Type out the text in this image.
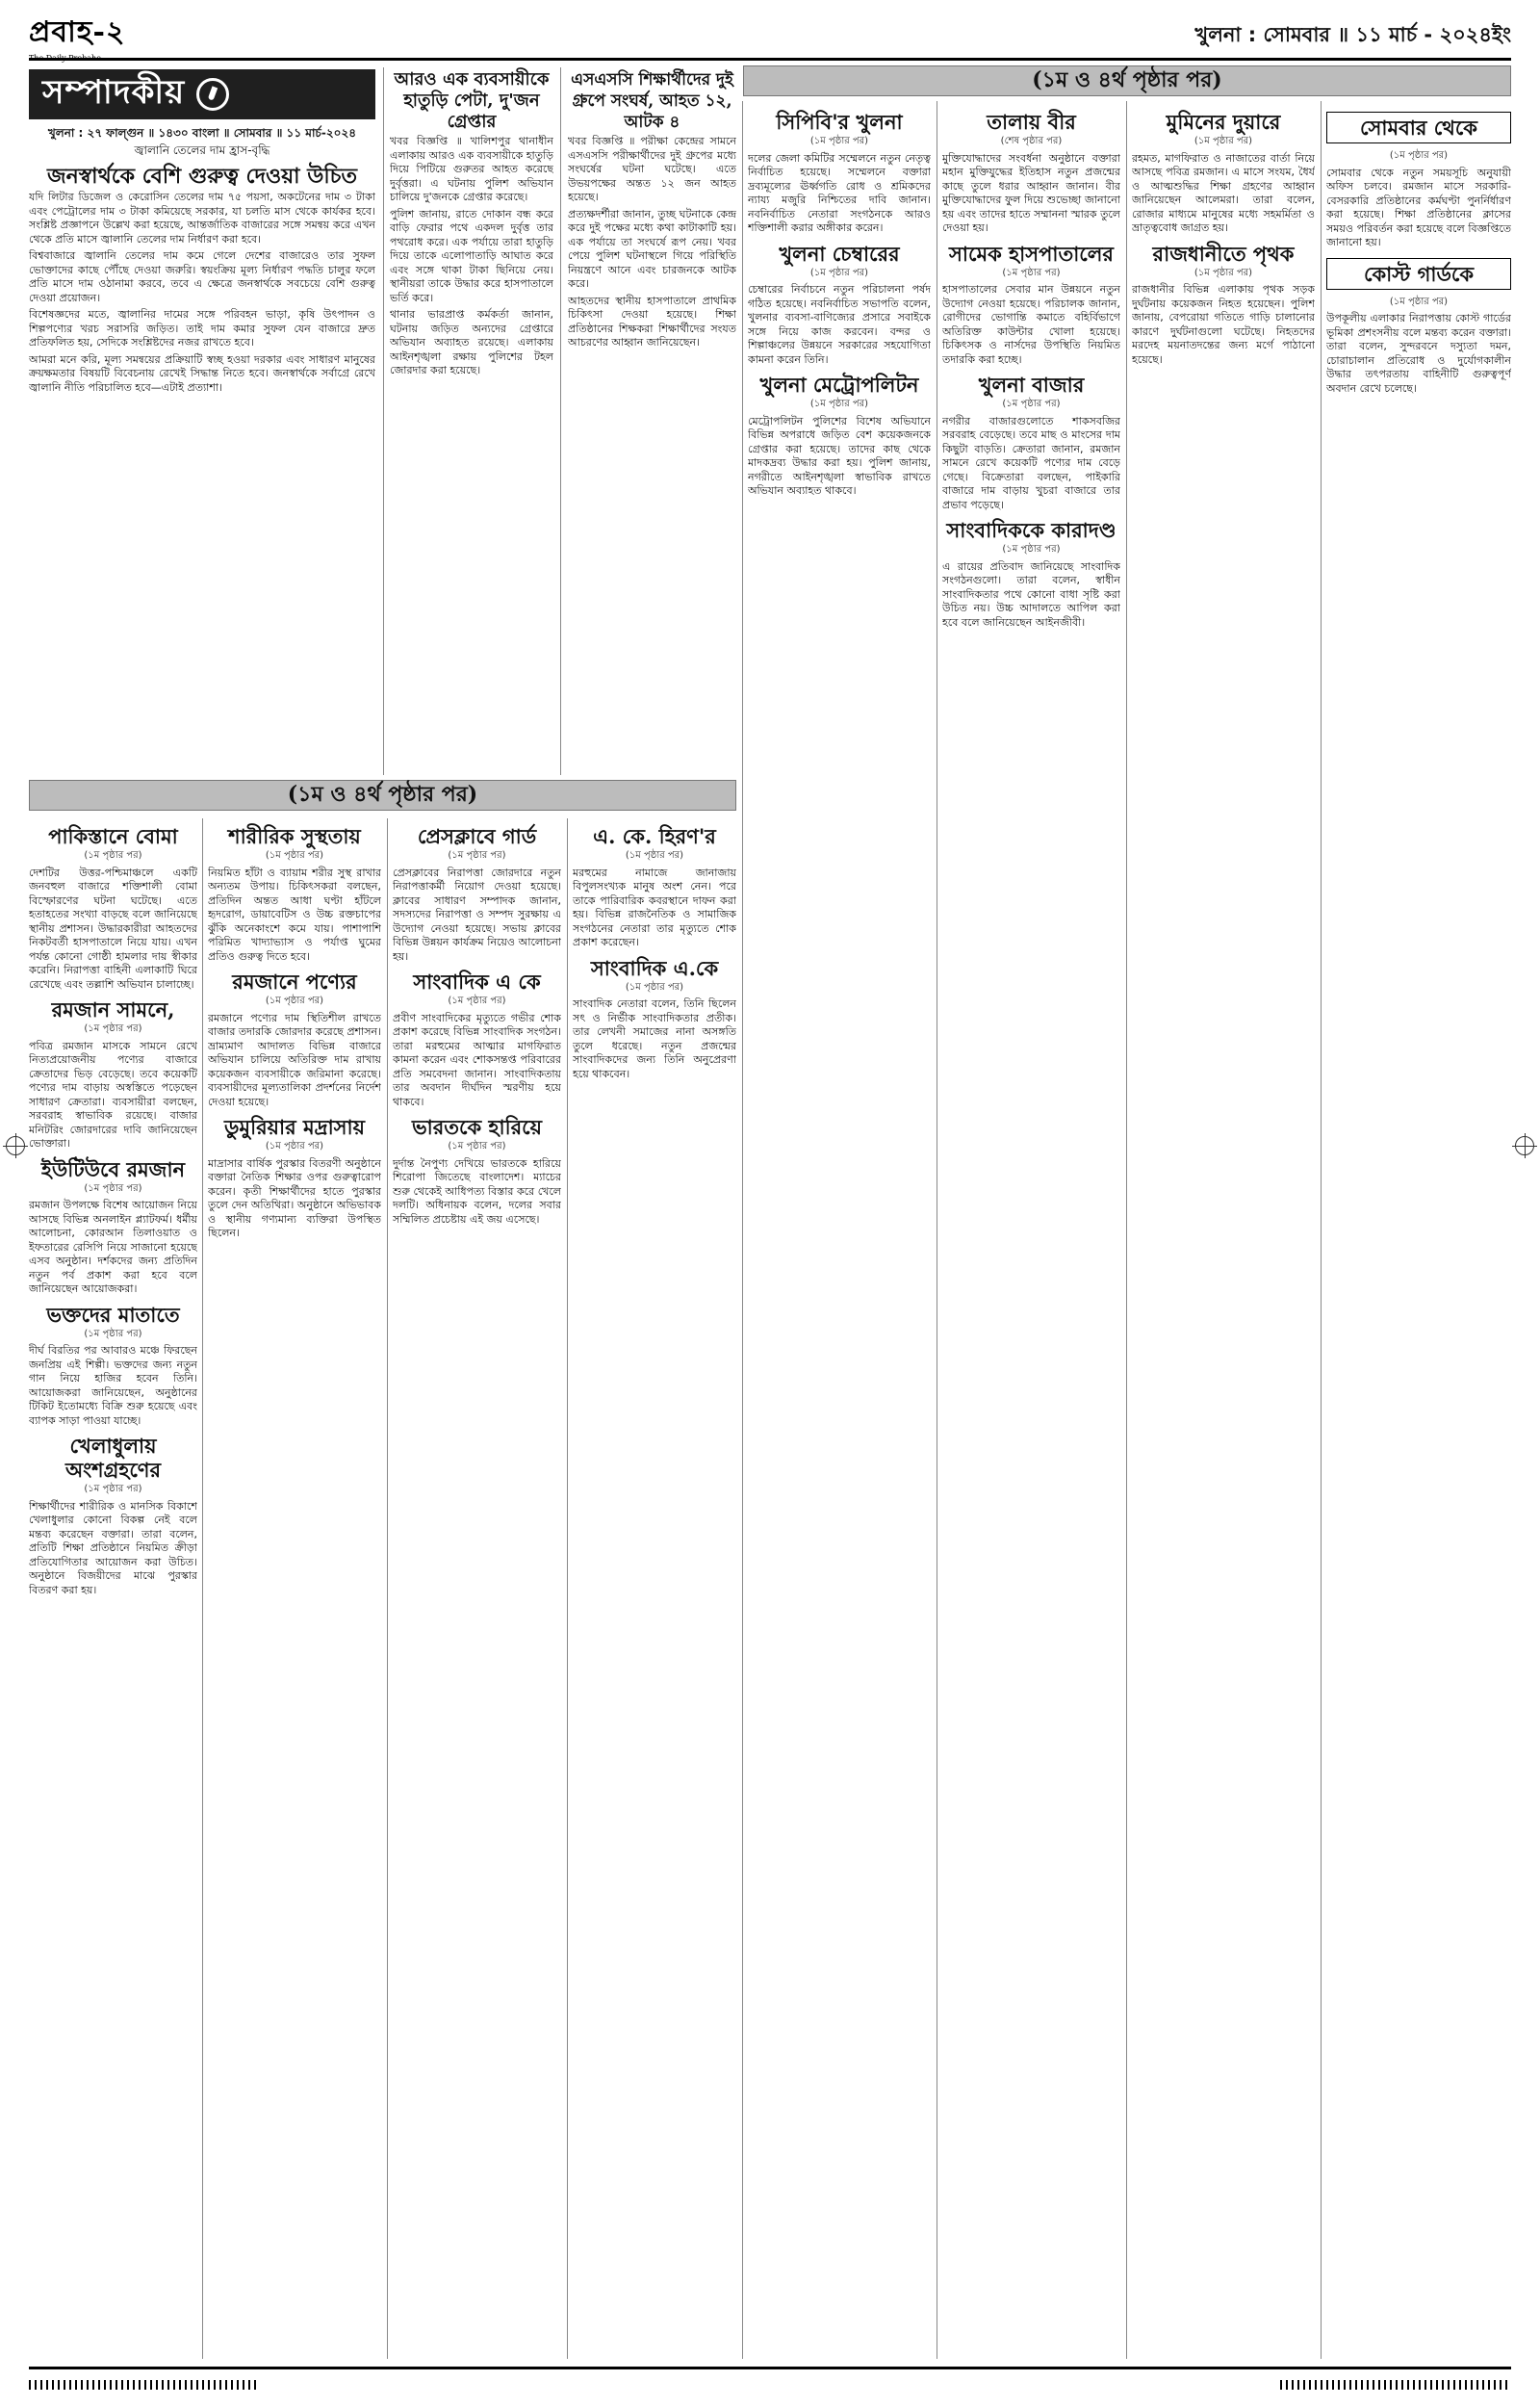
প্রবাহ-২	খুলনা : সোমবার ॥ ১১ মার্চ - ২০২৪ইং
সম্পাদকীয়
খুলনা : ২৭ ফাল্গুন ॥ ১৪৩০ বাংলা ॥ সোমবার ॥ ১১ মার্চ-২০২৪
জ্বালানি তেলের দাম হ্রাস-বৃদ্ধি
জনস্বার্থকে বেশি গুরুত্ব দেওয়া উচিত

যদি লিটার ডিজেল ও কেরোসিন তেলের দাম ৭৫ পয়সা, অকটেনের দাম ৩ টাকা এবং পেট্রোলের দাম ৩ টাকা কমিয়েছে সরকার, যা চলতি মাস থেকে কার্যকর হবে। সংশ্লিষ্ট প্রজ্ঞাপনে উল্লেখ করা হয়েছে, আন্তর্জাতিক বাজারের সঙ্গে সমন্বয় করে এখন থেকে প্রতি মাসে জ্বালানি তেলের দাম নির্ধারণ করা হবে।

বিশ্ববাজারে জ্বালানি তেলের দাম কমে গেলে দেশের বাজারেও তার সুফল ভোক্তাদের কাছে পৌঁছে দেওয়া জরুরি। স্বয়ংক্রিয় মূল্য নির্ধারণ পদ্ধতি চালুর ফলে প্রতি মাসে দাম ওঠানামা করবে, তবে এ ক্ষেত্রে জনস্বার্থকে সবচেয়ে বেশি গুরুত্ব দেওয়া প্রয়োজন।

বিশেষজ্ঞদের মতে, জ্বালানির দামের সঙ্গে পরিবহন ভাড়া, কৃষি উৎপাদন ও শিল্পপণ্যের খরচ সরাসরি জড়িত। তাই দাম কমার সুফল যেন বাজারে দ্রুত প্রতিফলিত হয়, সেদিকে সংশ্লিষ্টদের নজর রাখতে হবে।

আমরা মনে করি, মূল্য সমন্বয়ের প্রক্রিয়াটি স্বচ্ছ হওয়া দরকার এবং সাধারণ মানুষের ক্রয়ক্ষমতার বিষয়টি বিবেচনায় রেখেই সিদ্ধান্ত নিতে হবে। জনস্বার্থকে সর্বাগ্রে রেখে জ্বালানি নীতি পরিচালিত হবে—এটাই প্রত্যাশা।

আরও এক ব্যবসায়ীকে হাতুড়ি পেটা, দু'জন গ্রেপ্তার

খবর বিজ্ঞপ্তি ॥ খালিশপুর থানাধীন এলাকায় আরও এক ব্যবসায়ীকে হাতুড়ি দিয়ে পিটিয়ে গুরুতর আহত করেছে দুর্বৃত্তরা। এ ঘটনায় পুলিশ অভিযান চালিয়ে দু'জনকে গ্রেপ্তার করেছে।

পুলিশ জানায়, রাতে দোকান বন্ধ করে বাড়ি ফেরার পথে একদল দুর্বৃত্ত তার পথরোধ করে। এক পর্যায়ে তারা হাতুড়ি দিয়ে তাকে এলোপাতাড়ি আঘাত করে এবং সঙ্গে থাকা টাকা ছিনিয়ে নেয়। স্থানীয়রা তাকে উদ্ধার করে হাসপাতালে ভর্তি করে।

থানার ভারপ্রাপ্ত কর্মকর্তা জানান, ঘটনায় জড়িত অন্যদের গ্রেপ্তারে অভিযান অব্যাহত রয়েছে। এলাকায় আইনশৃঙ্খলা রক্ষায় পুলিশের টহল জোরদার করা হয়েছে।

এসএসসি শিক্ষার্থীদের দুই গ্রুপে সংঘর্ষ, আহত ১২, আটক ৪

খবর বিজ্ঞপ্তি ॥ পরীক্ষা কেন্দ্রের সামনে এসএসসি পরীক্ষার্থীদের দুই গ্রুপের মধ্যে সংঘর্ষের ঘটনা ঘটেছে। এতে উভয়পক্ষের অন্তত ১২ জন আহত হয়েছে।

প্রত্যক্ষদর্শীরা জানান, তুচ্ছ ঘটনাকে কেন্দ্র করে দুই পক্ষের মধ্যে কথা কাটাকাটি হয়। এক পর্যায়ে তা সংঘর্ষে রূপ নেয়। খবর পেয়ে পুলিশ ঘটনাস্থলে গিয়ে পরিস্থিতি নিয়ন্ত্রণে আনে এবং চারজনকে আটক করে।

আহতদের স্থানীয় হাসপাতালে প্রাথমিক চিকিৎসা দেওয়া হয়েছে। শিক্ষা প্রতিষ্ঠানের শিক্ষকরা শিক্ষার্থীদের সংযত আচরণের আহ্বান জানিয়েছেন।

(১ম ও ৪র্থ পৃষ্ঠার পর)
(১ম ও ৪র্থ পৃষ্ঠার পর)
পাকিস্তানে বোমা
(১ম পৃষ্ঠার পর)

দেশটির উত্তর-পশ্চিমাঞ্চলে একটি জনবহুল বাজারে শক্তিশালী বোমা বিস্ফোরণের ঘটনা ঘটেছে। এতে হতাহতের সংখ্যা বাড়ছে বলে জানিয়েছে স্থানীয় প্রশাসন। উদ্ধারকারীরা আহতদের নিকটবর্তী হাসপাতালে নিয়ে যায়। এখন পর্যন্ত কোনো গোষ্ঠী হামলার দায় স্বীকার করেনি। নিরাপত্তা বাহিনী এলাকাটি ঘিরে রেখেছে এবং তল্লাশি অভিযান চালাচ্ছে।

রমজান সামনে,
(১ম পৃষ্ঠার পর)

পবিত্র রমজান মাসকে সামনে রেখে নিত্যপ্রয়োজনীয় পণ্যের বাজারে ক্রেতাদের ভিড় বেড়েছে। তবে কয়েকটি পণ্যের দাম বাড়ায় অস্বস্তিতে পড়েছেন সাধারণ ক্রেতারা। ব্যবসায়ীরা বলছেন, সরবরাহ স্বাভাবিক রয়েছে। বাজার মনিটরিং জোরদারের দাবি জানিয়েছেন ভোক্তারা।

ইউটিউবে রমজান
(১ম পৃষ্ঠার পর)

রমজান উপলক্ষে বিশেষ আয়োজন নিয়ে আসছে বিভিন্ন অনলাইন প্ল্যাটফর্ম। ধর্মীয় আলোচনা, কোরআন তিলাওয়াত ও ইফতারের রেসিপি নিয়ে সাজানো হয়েছে এসব অনুষ্ঠান। দর্শকদের জন্য প্রতিদিন নতুন পর্ব প্রকাশ করা হবে বলে জানিয়েছেন আয়োজকরা।

ভক্তদের মাতাতে
(১ম পৃষ্ঠার পর)

দীর্ঘ বিরতির পর আবারও মঞ্চে ফিরছেন জনপ্রিয় এই শিল্পী। ভক্তদের জন্য নতুন গান নিয়ে হাজির হবেন তিনি। আয়োজকরা জানিয়েছেন, অনুষ্ঠানের টিকিট ইতোমধ্যে বিক্রি শুরু হয়েছে এবং ব্যাপক সাড়া পাওয়া যাচ্ছে।

খেলাধুলায় অংশগ্রহণের
(১ম পৃষ্ঠার পর)

শিক্ষার্থীদের শারীরিক ও মানসিক বিকাশে খেলাধুলার কোনো বিকল্প নেই বলে মন্তব্য করেছেন বক্তারা। তারা বলেন, প্রতিটি শিক্ষা প্রতিষ্ঠানে নিয়মিত ক্রীড়া প্রতিযোগিতার আয়োজন করা উচিত। অনুষ্ঠানে বিজয়ীদের মাঝে পুরস্কার বিতরণ করা হয়।

শারীরিক সুস্থতায়
(১ম পৃষ্ঠার পর)

নিয়মিত হাঁটা ও ব্যায়াম শরীর সুস্থ রাখার অন্যতম উপায়। চিকিৎসকরা বলছেন, প্রতিদিন অন্তত আধা ঘণ্টা হাঁটলে হৃদরোগ, ডায়াবেটিস ও উচ্চ রক্তচাপের ঝুঁকি অনেকাংশে কমে যায়। পাশাপাশি পরিমিত খাদ্যাভ্যাস ও পর্যাপ্ত ঘুমের প্রতিও গুরুত্ব দিতে হবে।

রমজানে পণ্যের
(১ম পৃষ্ঠার পর)

রমজানে পণ্যের দাম স্থিতিশীল রাখতে বাজার তদারকি জোরদার করেছে প্রশাসন। ভ্রাম্যমাণ আদালত বিভিন্ন বাজারে অভিযান চালিয়ে অতিরিক্ত দাম রাখায় কয়েকজন ব্যবসায়ীকে জরিমানা করেছে। ব্যবসায়ীদের মূল্যতালিকা প্রদর্শনের নির্দেশ দেওয়া হয়েছে।

ডুমুরিয়ার মদ্রাসায়
(১ম পৃষ্ঠার পর)

মাদ্রাসার বার্ষিক পুরস্কার বিতরণী অনুষ্ঠানে বক্তারা নৈতিক শিক্ষার ওপর গুরুত্বারোপ করেন। কৃতী শিক্ষার্থীদের হাতে পুরস্কার তুলে দেন অতিথিরা। অনুষ্ঠানে অভিভাবক ও স্থানীয় গণ্যমান্য ব্যক্তিরা উপস্থিত ছিলেন।

প্রেসক্লাবে গার্ড
(১ম পৃষ্ঠার পর)

প্রেসক্লাবের নিরাপত্তা জোরদারে নতুন নিরাপত্তাকর্মী নিয়োগ দেওয়া হয়েছে। ক্লাবের সাধারণ সম্পাদক জানান, সদস্যদের নিরাপত্তা ও সম্পদ সুরক্ষায় এ উদ্যোগ নেওয়া হয়েছে। সভায় ক্লাবের বিভিন্ন উন্নয়ন কার্যক্রম নিয়েও আলোচনা হয়।

সাংবাদিক এ কে
(১ম পৃষ্ঠার পর)

প্রবীণ সাংবাদিকের মৃত্যুতে গভীর শোক প্রকাশ করেছে বিভিন্ন সাংবাদিক সংগঠন। তারা মরহুমের আত্মার মাগফিরাত কামনা করেন এবং শোকসন্তপ্ত পরিবারের প্রতি সমবেদনা জানান। সাংবাদিকতায় তার অবদান দীর্ঘদিন স্মরণীয় হয়ে থাকবে।

ভারতকে হারিয়ে
(১ম পৃষ্ঠার পর)

দুর্দান্ত নৈপুণ্য দেখিয়ে ভারতকে হারিয়ে শিরোপা জিতেছে বাংলাদেশ। ম্যাচের শুরু থেকেই আধিপত্য বিস্তার করে খেলে দলটি। অধিনায়ক বলেন, দলের সবার সম্মিলিত প্রচেষ্টায় এই জয় এসেছে।

এ. কে. হিরণ'র
(১ম পৃষ্ঠার পর)

মরহুমের নামাজে জানাজায় বিপুলসংখ্যক মানুষ অংশ নেন। পরে তাকে পারিবারিক কবরস্থানে দাফন করা হয়। বিভিন্ন রাজনৈতিক ও সামাজিক সংগঠনের নেতারা তার মৃত্যুতে শোক প্রকাশ করেছেন।

সাংবাদিক এ.কে
(১ম পৃষ্ঠার পর)

সাংবাদিক নেতারা বলেন, তিনি ছিলেন সৎ ও নির্ভীক সাংবাদিকতার প্রতীক। তার লেখনী সমাজের নানা অসঙ্গতি তুলে ধরেছে। নতুন প্রজন্মের সাংবাদিকদের জন্য তিনি অনুপ্রেরণা হয়ে থাকবেন।

সিপিবি'র খুলনা
(১ম পৃষ্ঠার পর)

দলের জেলা কমিটির সম্মেলনে নতুন নেতৃত্ব নির্বাচিত হয়েছে। সম্মেলনে বক্তারা দ্রব্যমূল্যের ঊর্ধ্বগতি রোধ ও শ্রমিকদের ন্যায্য মজুরি নিশ্চিতের দাবি জানান। নবনির্বাচিত নেতারা সংগঠনকে আরও শক্তিশালী করার অঙ্গীকার করেন।

খুলনা চেম্বারের
(১ম পৃষ্ঠার পর)

চেম্বারের নির্বাচনে নতুন পরিচালনা পর্ষদ গঠিত হয়েছে। নবনির্বাচিত সভাপতি বলেন, খুলনার ব্যবসা-বাণিজ্যের প্রসারে সবাইকে সঙ্গে নিয়ে কাজ করবেন। বন্দর ও শিল্পাঞ্চলের উন্নয়নে সরকারের সহযোগিতা কামনা করেন তিনি।

খুলনা মেট্রোপলিটন
(১ম পৃষ্ঠার পর)

মেট্রোপলিটন পুলিশের বিশেষ অভিযানে বিভিন্ন অপরাধে জড়িত বেশ কয়েকজনকে গ্রেপ্তার করা হয়েছে। তাদের কাছ থেকে মাদকদ্রব্য উদ্ধার করা হয়। পুলিশ জানায়, নগরীতে আইনশৃঙ্খলা স্বাভাবিক রাখতে অভিযান অব্যাহত থাকবে।

তালায় বীর
(শেষ পৃষ্ঠার পর)

মুক্তিযোদ্ধাদের সংবর্ধনা অনুষ্ঠানে বক্তারা মহান মুক্তিযুদ্ধের ইতিহাস নতুন প্রজন্মের কাছে তুলে ধরার আহ্বান জানান। বীর মুক্তিযোদ্ধাদের ফুল দিয়ে শুভেচ্ছা জানানো হয় এবং তাদের হাতে সম্মাননা স্মারক তুলে দেওয়া হয়।

সামেক হাসপাতালের
(১ম পৃষ্ঠার পর)

হাসপাতালের সেবার মান উন্নয়নে নতুন উদ্যোগ নেওয়া হয়েছে। পরিচালক জানান, রোগীদের ভোগান্তি কমাতে বহির্বিভাগে অতিরিক্ত কাউন্টার খোলা হয়েছে। চিকিৎসক ও নার্সদের উপস্থিতি নিয়মিত তদারকি করা হচ্ছে।

খুলনা বাজার
(১ম পৃষ্ঠার পর)

নগরীর বাজারগুলোতে শাকসবজির সরবরাহ বেড়েছে। তবে মাছ ও মাংসের দাম কিছুটা বাড়তি। ক্রেতারা জানান, রমজান সামনে রেখে কয়েকটি পণ্যের দাম বেড়ে গেছে। বিক্রেতারা বলছেন, পাইকারি বাজারে দাম বাড়ায় খুচরা বাজারে তার প্রভাব পড়েছে।

সাংবাদিককে কারাদণ্ড
(১ম পৃষ্ঠার পর)

এ রায়ের প্রতিবাদ জানিয়েছে সাংবাদিক সংগঠনগুলো। তারা বলেন, স্বাধীন সাংবাদিকতার পথে কোনো বাধা সৃষ্টি করা উচিত নয়। উচ্চ আদালতে আপিল করা হবে বলে জানিয়েছেন আইনজীবী।

মুমিনের দুয়ারে
(১ম পৃষ্ঠার পর)

রহমত, মাগফিরাত ও নাজাতের বার্তা নিয়ে আসছে পবিত্র রমজান। এ মাসে সংযম, ধৈর্য ও আত্মশুদ্ধির শিক্ষা গ্রহণের আহ্বান জানিয়েছেন আলেমরা। তারা বলেন, রোজার মাধ্যমে মানুষের মধ্যে সহমর্মিতা ও ভ্রাতৃত্ববোধ জাগ্রত হয়।

রাজধানীতে পৃথক
(১ম পৃষ্ঠার পর)

রাজধানীর বিভিন্ন এলাকায় পৃথক সড়ক দুর্ঘটনায় কয়েকজন নিহত হয়েছেন। পুলিশ জানায়, বেপরোয়া গতিতে গাড়ি চালানোর কারণে দুর্ঘটনাগুলো ঘটেছে। নিহতদের মরদেহ ময়নাতদন্তের জন্য মর্গে পাঠানো হয়েছে।

সোমবার থেকে
(১ম পৃষ্ঠার পর)

সোমবার থেকে নতুন সময়সূচি অনুযায়ী অফিস চলবে। রমজান মাসে সরকারি-বেসরকারি প্রতিষ্ঠানের কর্মঘণ্টা পুনর্নির্ধারণ করা হয়েছে। শিক্ষা প্রতিষ্ঠানের ক্লাসের সময়ও পরিবর্তন করা হয়েছে বলে বিজ্ঞপ্তিতে জানানো হয়।

কোস্ট গার্ডকে
(১ম পৃষ্ঠার পর)

উপকূলীয় এলাকার নিরাপত্তায় কোস্ট গার্ডের ভূমিকা প্রশংসনীয় বলে মন্তব্য করেন বক্তারা। তারা বলেন, সুন্দরবনে দস্যুতা দমন, চোরাচালান প্রতিরোধ ও দুর্যোগকালীন উদ্ধার তৎপরতায় বাহিনীটি গুরুত্বপূর্ণ অবদান রেখে চলেছে।
